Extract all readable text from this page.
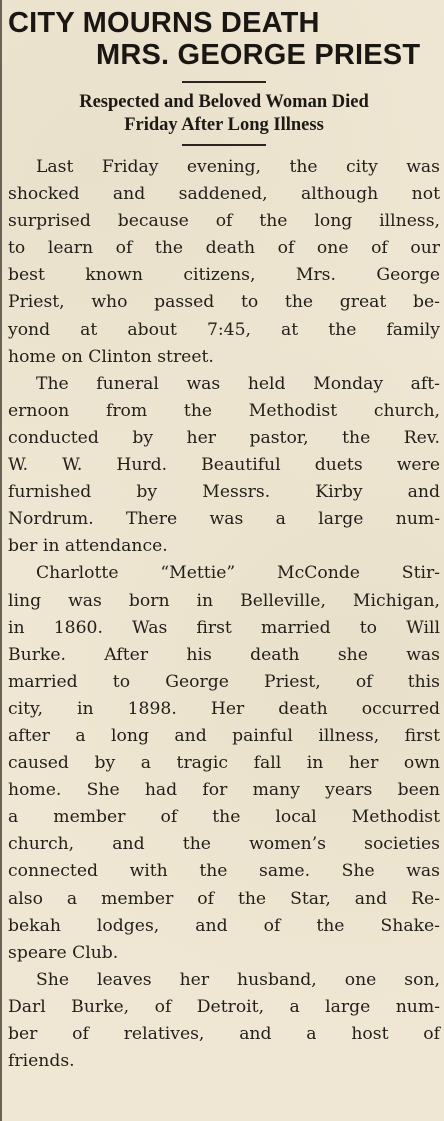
CITY MOURNS DEATH
MRS. GEORGE PRIEST
Respected and Beloved Woman Died
Friday After Long Illness

Last Friday evening, the city was
shocked and saddened, although not
surprised because of the long illness,
to learn of the death of one of our
best known citizens, Mrs. George
Priest, who passed to the great be-
yond at about 7:45, at the family
home on Clinton street.

The funeral was held Monday aft-
ernoon from the Methodist church,
conducted by her pastor, the Rev.
W. W. Hurd. Beautiful duets were
furnished by Messrs. Kirby and
Nordrum. There was a large num-
ber in attendance.

Charlotte “Mettie” McConde Stir-
ling was born in Belleville, Michigan,
in 1860. Was first married to Will
Burke. After his death she was
married to George Priest, of this
city, in 1898. Her death occurred
after a long and painful illness, first
caused by a tragic fall in her own
home. She had for many years been
a member of the local Methodist
church, and the women’s societies
connected with the same. She was
also a member of the Star, and Re-
bekah lodges, and of the Shake-
speare Club.

She leaves her husband, one son,
Darl Burke, of Detroit, a large num-
ber of relatives, and a host of
friends.
